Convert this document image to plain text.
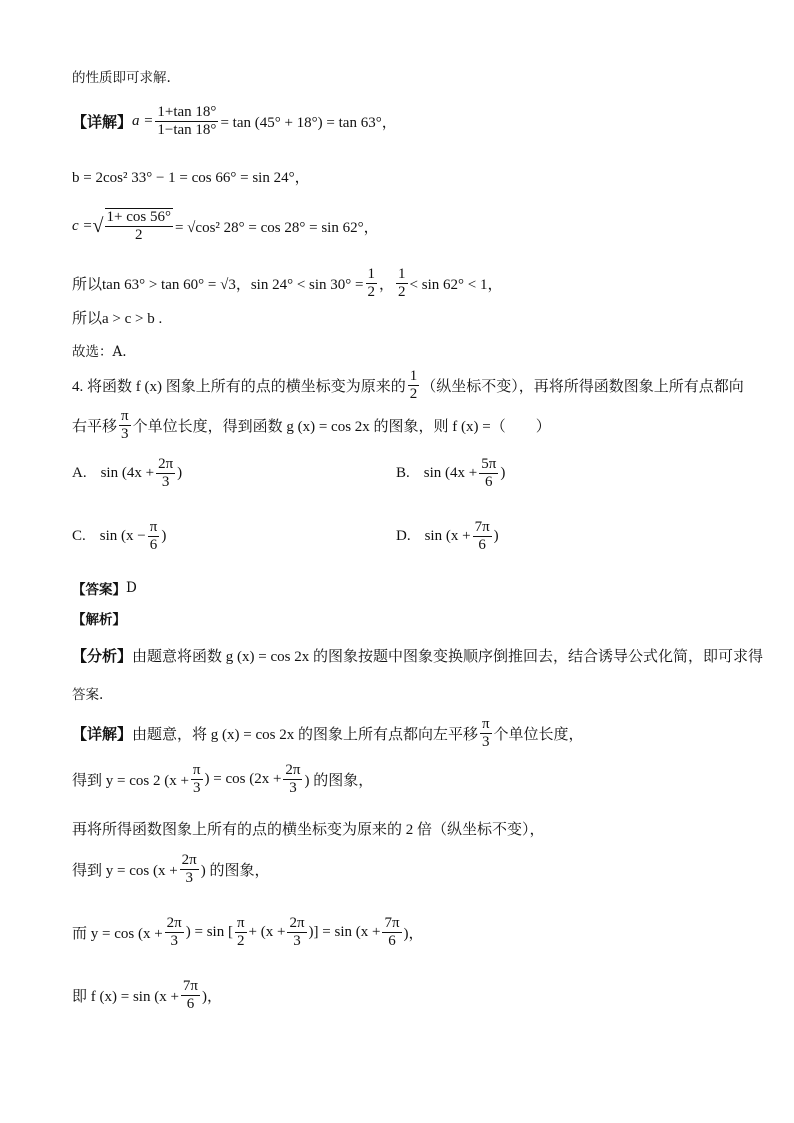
的性质即可求解.
【详解】 $a = \frac{1+\tan 18^\circ}{1-\tan 18^\circ} = \tan (45^\circ + 18^\circ) = \tan 63^\circ$，
b = 2cos² 33° − 1 = cos 66° = sin 24°，
c = √ $\frac{1+ \cos 56^\circ}{2} = √\cos^2$ 28° = cos 28° = sin 62°，
所以 tan 63° > tan 60° = √3，$\sin 24^\circ < \sin 30^\circ = \frac{1}{2}$ ， $\frac{1}{2} < \sin 62^\circ < 1$，
所以a > c > b .
故选：A.
4. 将函数 f (x) 图象上所有的点的横坐标变为原来的 $\frac{1}{2}$ （纵坐标不变），再将所得函数图象上所有点都向
右平移 $\frac{\pi}{3}$ 个单位长度，得到函数 g (x) = cos 2x 的图象，则 f (x) =（　　）
A. $\sin (4x + \frac{2\pi}{3}$ )	B. $\sin (4x + \frac{5\pi}{6}$ )
C. $\sin (x - \frac{\pi}{6}$ )	D. $\sin (x + \frac{7\pi}{6}$ )
【答案】 D
【解析】
【分析】 由题意将函数 g (x) = cos 2x 的图象按题中图象变换顺序倒推回去，结合诱导公式化简，即可求得
答案.
【详解】 由题意，将 g (x) = cos 2x 的图象上所有点都向左平移 $\frac{\pi}{3}$ 个单位长度，
得到 y = cos 2 ($x + \frac{\pi}{3}$ ) = $\cos (2x + \frac{2\pi}{3}$ ) 的图象，
再将所得函数图象上所有的点的横坐标变为原来的 2 倍（纵坐标不变），
得到 $y = \cos (x + \frac{2\pi}{3}$ ) 的图象，
而 $y = \cos (x + \frac{2\pi}{3}$ ) = sin [ $\frac{\pi}{2} + (x + \frac{2\pi}{3}$ )] = $\sin (x + \frac{7\pi}{6}$ )，
即 f $(x) = \sin (x + \frac{7\pi}{6}$ )，
